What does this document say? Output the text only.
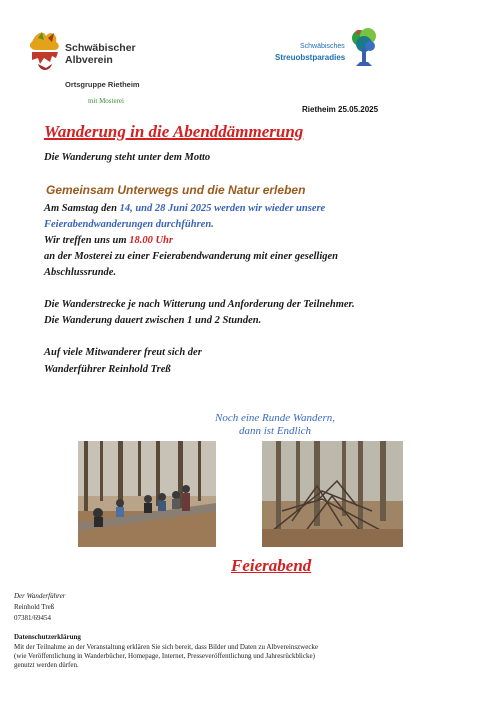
Schwäbischer
Albverein
Ortsgruppe Rietheim
mit Mosterei
Schwäbisches
Streuobstparadies
Rietheim 25.05.2025
Wanderung in die Abenddämmerung
Die Wanderung steht unter dem Motto
Gemeinsam Unterwegs und die Natur erleben
Am Samstag den 14, und 28 Juni 2025 werden wir wieder unsere
Feierabendwanderungen durchführen.
Wir treffen uns um 18.00 Uhr
an der Mosterei zu einer Feierabendwanderung mit einer geselligen
Abschlussrunde.
Die Wanderstrecke je nach Witterung und Anforderung der Teilnehmer.
Die Wanderung dauert zwischen 1 und 2 Stunden.
Auf viele Mitwanderer freut sich der
Wanderführer Reinhold Treß
Noch eine Runde Wandern,
dann ist Endlich
Feierabend
Der Wanderführer
Reinhold Treß
07381/69454
Datenschutzerklärung
Mit der Teilnahme an der Veranstaltung erklären Sie sich bereit, dass Bilder und Daten zu Albvereinszwecke
(wie Veröffentlichung in Wanderbücher, Homepage, Internet, Presseveröffentlichung und Jahresrückblicke)
genutzt werden dürfen.
